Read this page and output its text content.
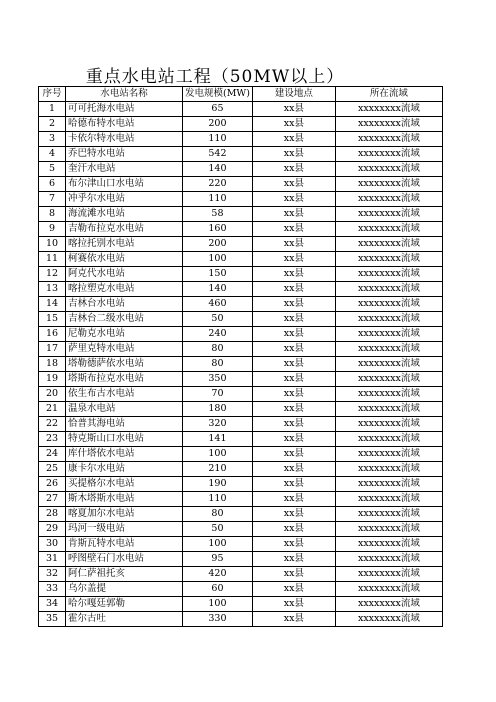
重点水电站工程（50MW以上）
序号	水电站名称	发电规模(MW)	建设地点	所在流域
1	可可托海水电站	65	xx县	xxxxxxxx流域
2	哈德布特水电站	200	xx县	xxxxxxxx流域
3	卡依尔特水电站	110	xx县	xxxxxxxx流域
4	乔巴特水电站	542	xx县	xxxxxxxx流域
5	奎汗水电站	140	xx县	xxxxxxxx流域
6	布尔津山口水电站	220	xx县	xxxxxxxx流域
7	冲乎尔水电站	110	xx县	xxxxxxxx流域
8	海流滩水电站	58	xx县	xxxxxxxx流域
9	吉勒布拉克水电站	160	xx县	xxxxxxxx流域
10	喀拉托别水电站	200	xx县	xxxxxxxx流域
11	柯赛依水电站	100	xx县	xxxxxxxx流域
12	阿克代水电站	150	xx县	xxxxxxxx流域
13	喀拉塑克水电站	140	xx县	xxxxxxxx流域
14	吉林台水电站	460	xx县	xxxxxxxx流域
15	吉林台二级水电站	50	xx县	xxxxxxxx流域
16	尼勒克水电站	240	xx县	xxxxxxxx流域
17	萨里克特水电站	80	xx县	xxxxxxxx流域
18	塔勒德萨依水电站	80	xx县	xxxxxxxx流域
19	塔斯布拉克水电站	350	xx县	xxxxxxxx流域
20	依生布古水电站	70	xx县	xxxxxxxx流域
21	温泉水电站	180	xx县	xxxxxxxx流域
22	恰普其海电站	320	xx县	xxxxxxxx流域
23	特克斯山口水电站	141	xx县	xxxxxxxx流域
24	库什塔依水电站	100	xx县	xxxxxxxx流域
25	康卡尔水电站	210	xx县	xxxxxxxx流域
26	买提格尔水电站	190	xx县	xxxxxxxx流域
27	斯木塔斯水电站	110	xx县	xxxxxxxx流域
28	喀夏加尔水电站	80	xx县	xxxxxxxx流域
29	玛河一级电站	50	xx县	xxxxxxxx流域
30	肯斯瓦特水电站	100	xx县	xxxxxxxx流域
31	呼图壁石门水电站	95	xx县	xxxxxxxx流域
32	阿仁萨祖托亥	420	xx县	xxxxxxxx流域
33	乌尔盖提	60	xx县	xxxxxxxx流域
34	哈尔嘎廷郭勒	100	xx县	xxxxxxxx流域
35	霍尔古吐	330	xx县	xxxxxxxx流域
